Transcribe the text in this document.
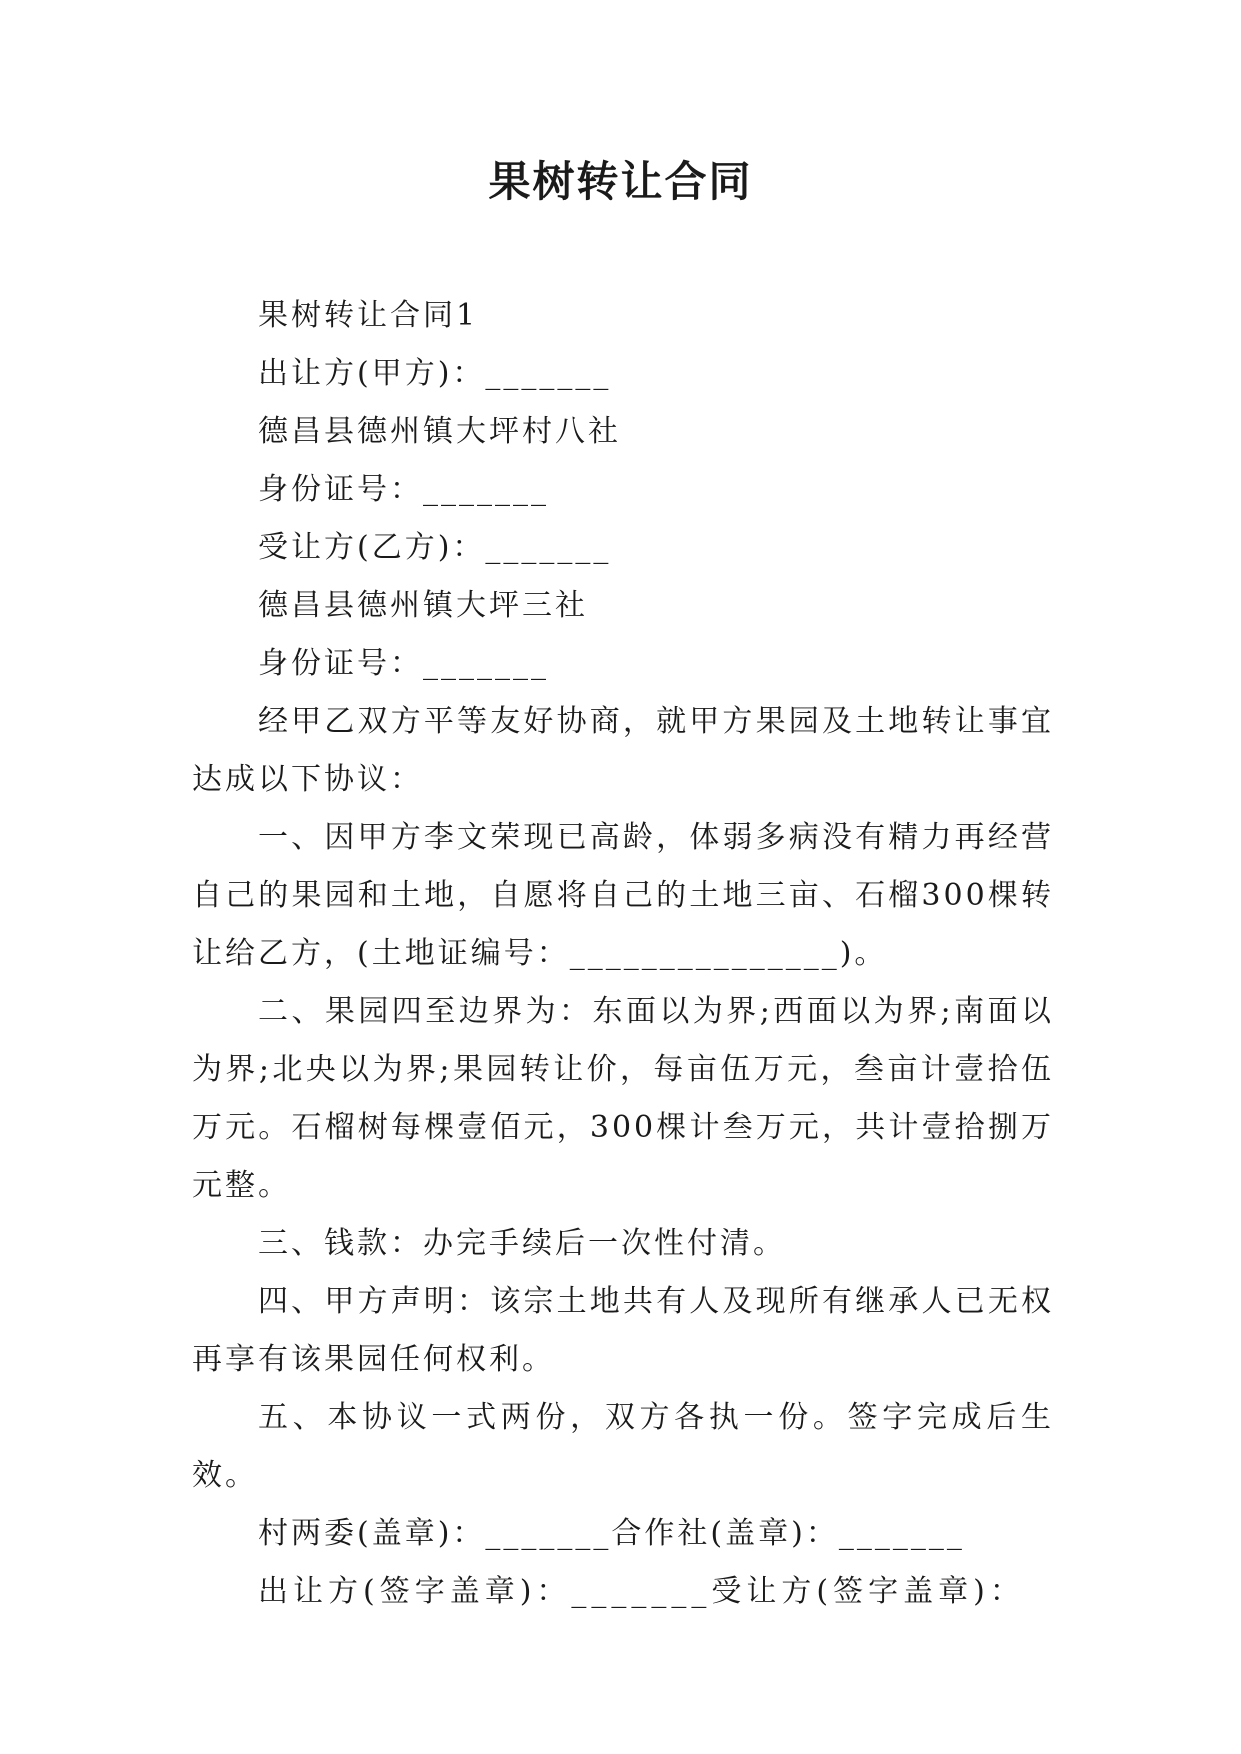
果树转让合同

果树转让合同1

出让方(甲方)：_______

德昌县德州镇大坪村八社

身份证号：_______

受让方(乙方)：_______

德昌县德州镇大坪三社

身份证号：_______

经甲乙双方平等友好协商，就甲方果园及土地转让事宜达成以下协议：

一、因甲方李文荣现已高龄，体弱多病没有精力再经营自己的果园和土地，自愿将自己的土地三亩、石榴300棵转让给乙方，(土地证编号：_______________)。

二、果园四至边界为：东面以为界;西面以为界;南面以为界;北央以为界;果园转让价，每亩伍万元，叁亩计壹拾伍万元。石榴树每棵壹佰元，300棵计叁万元，共计壹拾捌万元整。

三、钱款：办完手续后一次性付清。

四、甲方声明：该宗土地共有人及现所有继承人已无权再享有该果园任何权利。

五、本协议一式两份，双方各执一份。签字完成后生效。

村两委(盖章)：_______合作社(盖章)：_______

出让方(签字盖章)：_______受让方(签字盖章)：
